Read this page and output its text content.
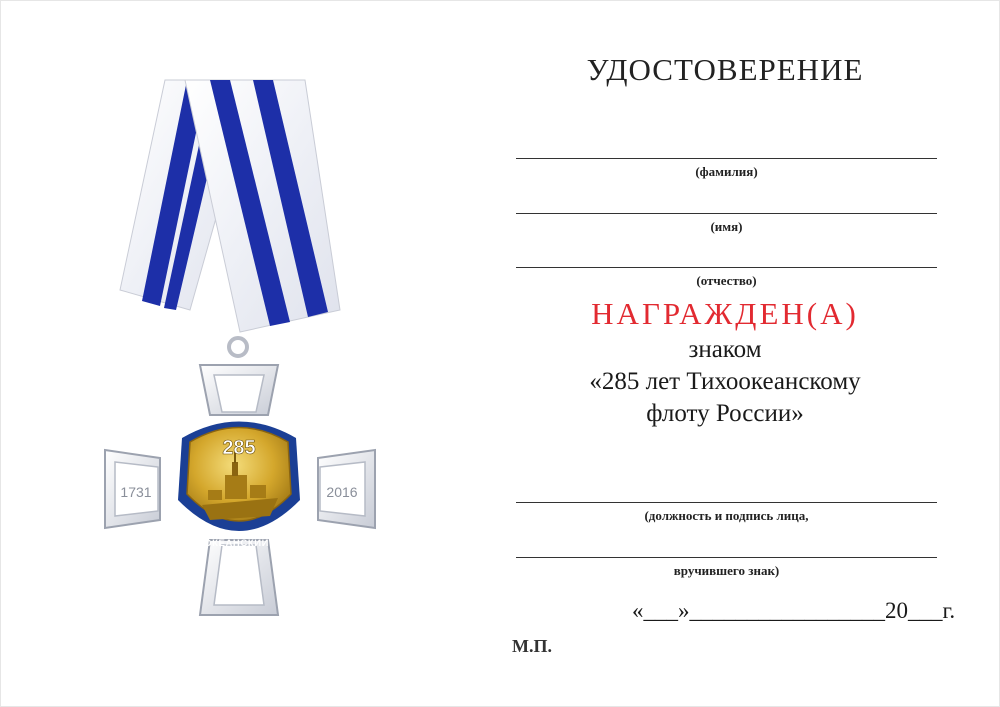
285
1731	2016
ТИХООКЕАНСКИЙ ФЛОТ
УДОСТОВЕРЕНИЕ
(фамилия)
(имя)
(отчество)
НАГРАЖДЕН(А)
знаком
«285 лет Тихоокеанскому
флоту России»
(должность и подпись лица,
вручившего знак)
«___»_________________20___г.
М.П.
